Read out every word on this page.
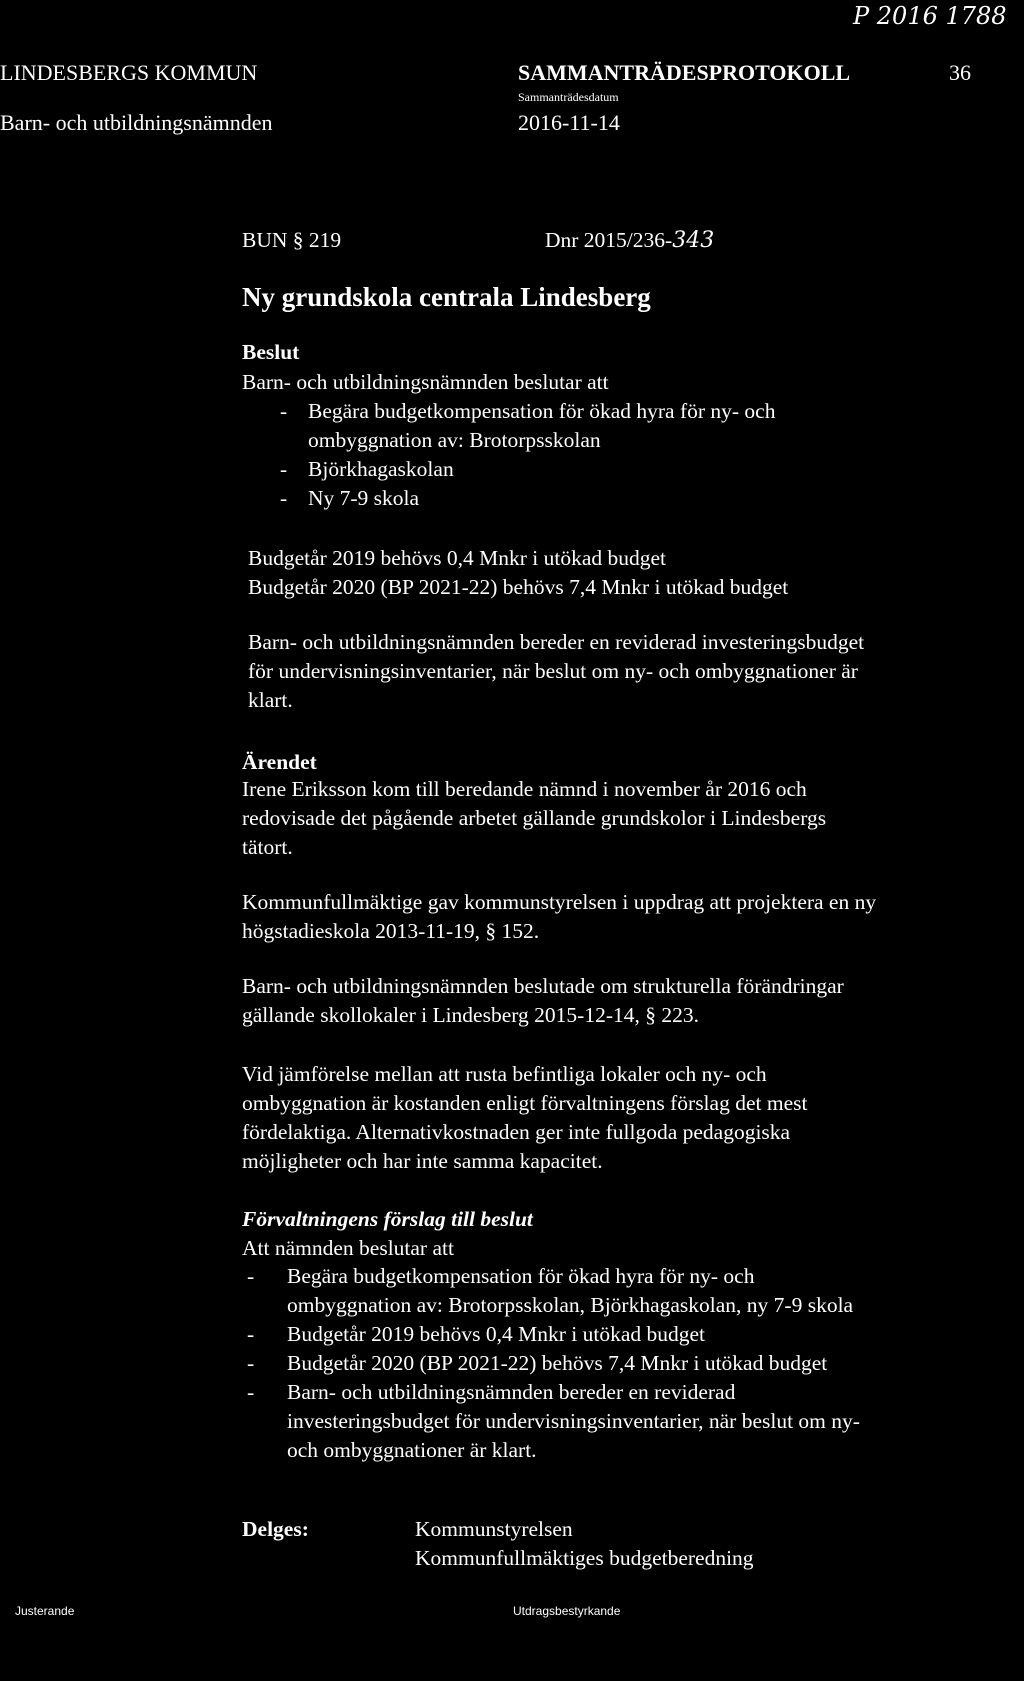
P 2016 1788
LINDESBERGS KOMMUN
Barn- och utbildningsnämnden
SAMMANTRÄDESPROTOKOLL
Sammanträdesdatum
2016-11-14
36
BUN § 219	Dnr 2015/236-343
Ny grundskola centrala Lindesberg
Beslut
Barn- och utbildningsnämnden beslutar att
- Begära budgetkompensation för ökad hyra för ny- och
ombyggnation av: Brotorpsskolan
- Björkhagaskolan
- Ny 7-9 skola
Budgetår 2019 behövs 0,4 Mnkr i utökad budget
Budgetår 2020 (BP 2021-22) behövs 7,4 Mnkr i utökad budget
Barn- och utbildningsnämnden bereder en reviderad investeringsbudget
för undervisningsinventarier, när beslut om ny- och ombyggnationer är
klart.
Ärendet
Irene Eriksson kom till beredande nämnd i november år 2016 och
redovisade det pågående arbetet gällande grundskolor i Lindesbergs
tätort.
Kommunfullmäktige gav kommunstyrelsen i uppdrag att projektera en ny
högstadieskola 2013-11-19, § 152.
Barn- och utbildningsnämnden beslutade om strukturella förändringar
gällande skollokaler i Lindesberg 2015-12-14, § 223.
Vid jämförelse mellan att rusta befintliga lokaler och ny- och
ombyggnation är kostanden enligt förvaltningens förslag det mest
fördelaktiga. Alternativkostnaden ger inte fullgoda pedagogiska
möjligheter och har inte samma kapacitet.
Förvaltningens förslag till beslut
Att nämnden beslutar att
- Begära budgetkompensation för ökad hyra för ny- och
ombyggnation av: Brotorpsskolan, Björkhagaskolan, ny 7-9 skola
- Budgetår 2019 behövs 0,4 Mnkr i utökad budget
- Budgetår 2020 (BP 2021-22) behövs 7,4 Mnkr i utökad budget
- Barn- och utbildningsnämnden bereder en reviderad
investeringsbudget för undervisningsinventarier, när beslut om ny-
och ombyggnationer är klart.
Delges:	Kommunstyrelsen
Kommunfullmäktiges budgetberedning
Justerande	Utdragsbestyrkande
